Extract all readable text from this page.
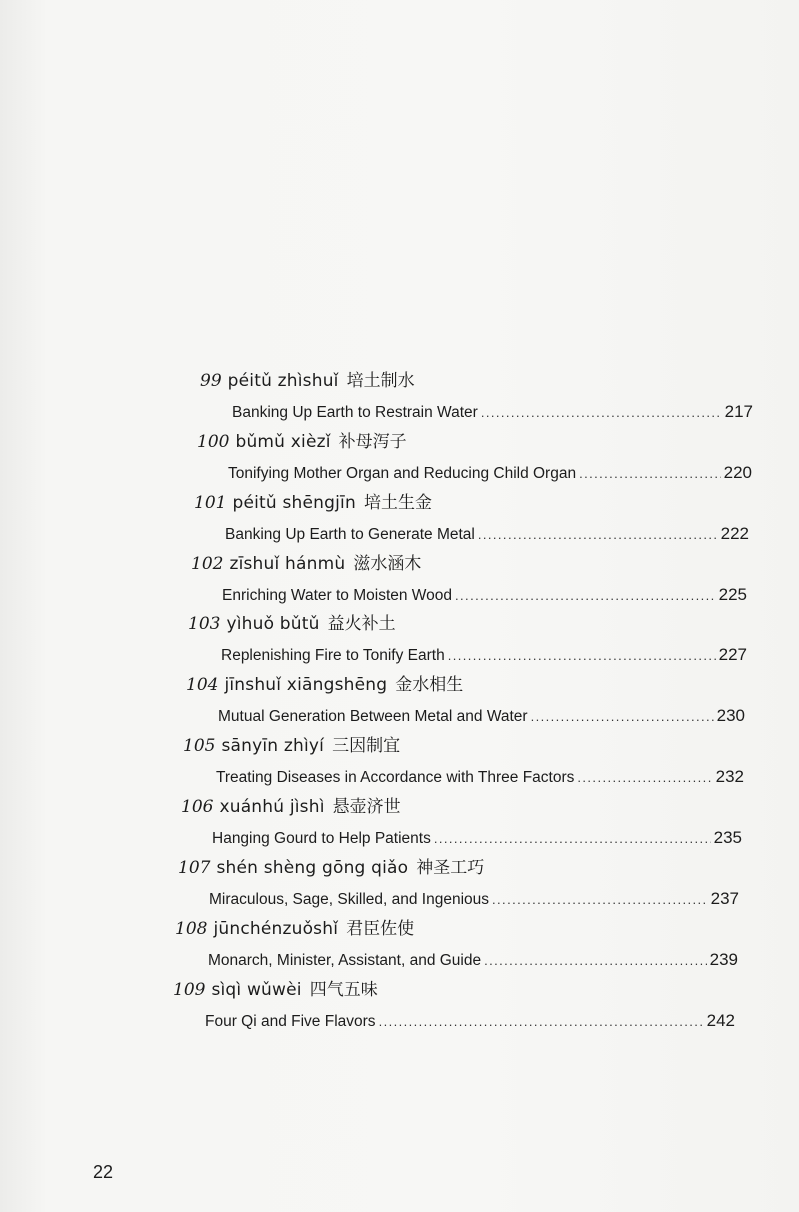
99 péitǔ zhìshuǐ 培土制水
Banking Up Earth to Restrain Water .....	217
100 bǔmǔ xièzǐ 补母泻子
Tonifying Mother Organ and Reducing Child Organ .....	220
101 péitǔ shēngjīn 培土生金
Banking Up Earth to Generate Metal .....	222
102 zīshuǐ hánmù 滋水涵木
Enriching Water to Moisten Wood .....	225
103 yìhuǒ bǔtǔ 益火补土
Replenishing Fire to Tonify Earth .....	227
104 jīnshuǐ xiāngshēng 金水相生
Mutual Generation Between Metal and Water .....	230
105 sānyīn zhìyí 三因制宜
Treating Diseases in Accordance with Three Factors .....	232
106 xuánhú jìshì 悬壶济世
Hanging Gourd to Help Patients .....	235
107 shén shèng gōng qiǎo 神圣工巧
Miraculous, Sage, Skilled, and Ingenious .....	237
108 jūnchénzuǒshǐ 君臣佐使
Monarch, Minister, Assistant, and Guide .....	239
109 sìqì wǔwèi 四气五味
Four Qi and Five Flavors .....	242
22
